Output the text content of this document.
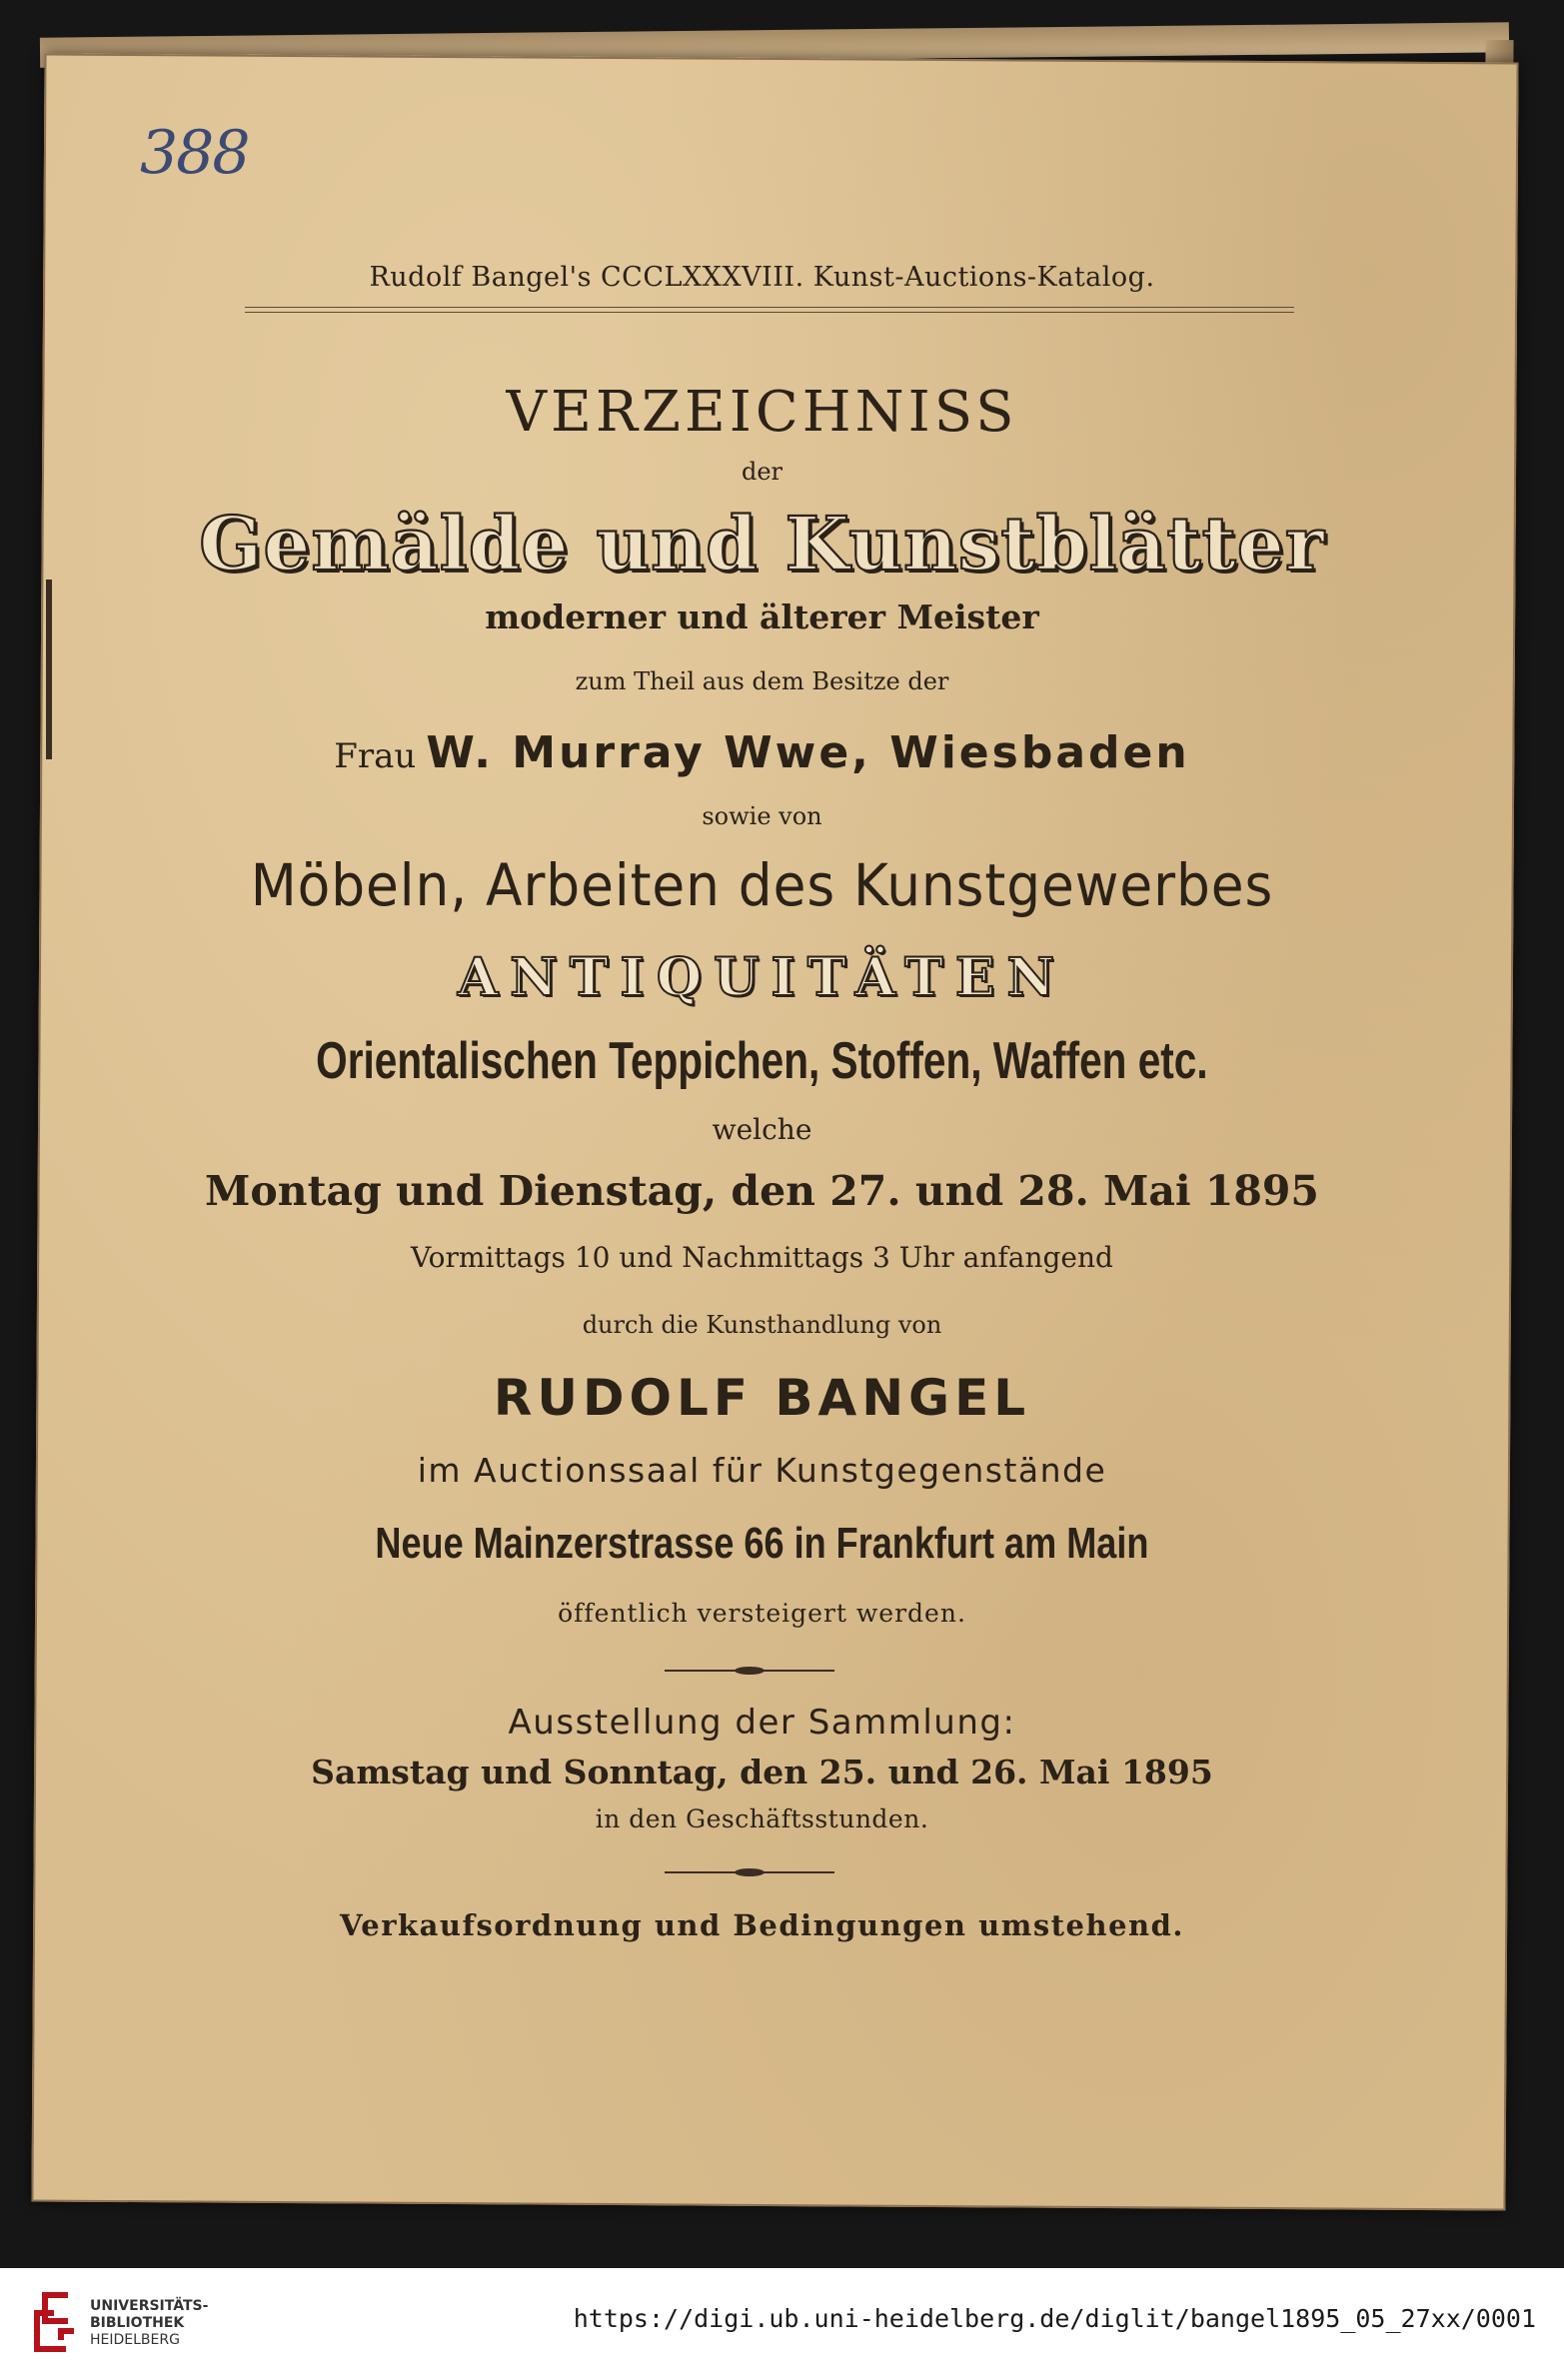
388
Rudolf Bangel's CCCLXXXVIII. Kunst-Auctions-Katalog.
VERZEICHNISS
der
Gemälde und Kunstblätter
moderner und älterer Meister
zum Theil aus dem Besitze der
Frau W. Murray Wwe, Wiesbaden
sowie von
Möbeln, Arbeiten des Kunstgewerbes
ANTIQUITÄTEN
Orientalischen Teppichen, Stoffen, Waffen etc.
welche
Montag und Dienstag, den 27. und 28. Mai 1895
Vormittags 10 und Nachmittags 3 Uhr anfangend
durch die Kunsthandlung von
RUDOLF BANGEL
im Auctionssaal für Kunstgegenstände
Neue Mainzerstrasse 66 in Frankfurt am Main
öffentlich versteigert werden.
Ausstellung der Sammlung:
Samstag und Sonntag, den 25. und 26. Mai 1895
in den Geschäftsstunden.
Verkaufsordnung und Bedingungen umstehend.
UNIVERSITÄTS-
BIBLIOTHEK
HEIDELBERG
https://digi.ub.uni-heidelberg.de/diglit/bangel1895_05_27xx/0001
